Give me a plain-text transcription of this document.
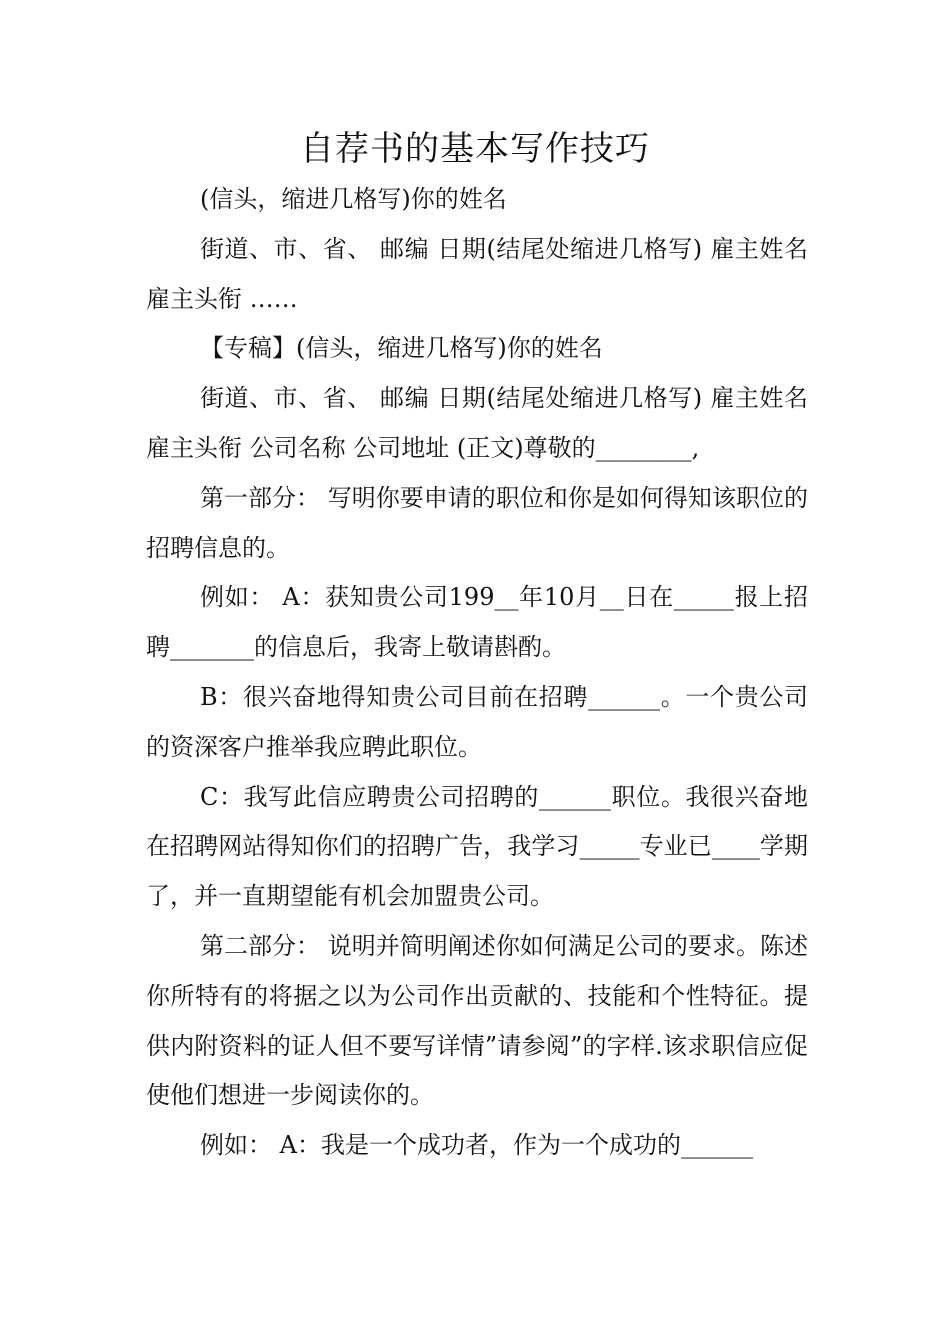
自荐书的基本写作技巧

(信头，缩进几格写)你的姓名

街道、市、省、 邮编 日期(结尾处缩进几格写) 雇主姓名 雇主头衔 ……

【专稿】(信头，缩进几格写)你的姓名

街道、市、省、 邮编 日期(结尾处缩进几格写) 雇主姓名 雇主头衔 公司名称 公司地址 (正文)尊敬的________,

第一部分： 写明你要申请的职位和你是如何得知该职位的招聘信息的。

例如： A：获知贵公司199__年10月__日在_____报上招聘_______的信息后，我寄上敬请斟酌。

B：很兴奋地得知贵公司目前在招聘______。一个贵公司的资深客户推举我应聘此职位。

C：我写此信应聘贵公司招聘的______职位。我很兴奋地在招聘网站得知你们的招聘广告，我学习_____专业已____学期了，并一直期望能有机会加盟贵公司。

第二部分： 说明并简明阐述你如何满足公司的要求。陈述你所特有的将据之以为公司作出贡献的、技能和个性特征。提供内附资料的证人但不要写详情”请参阅”的字样.该求职信应促使他们想进一步阅读你的。

例如： A：我是一个成功者，作为一个成功的______
